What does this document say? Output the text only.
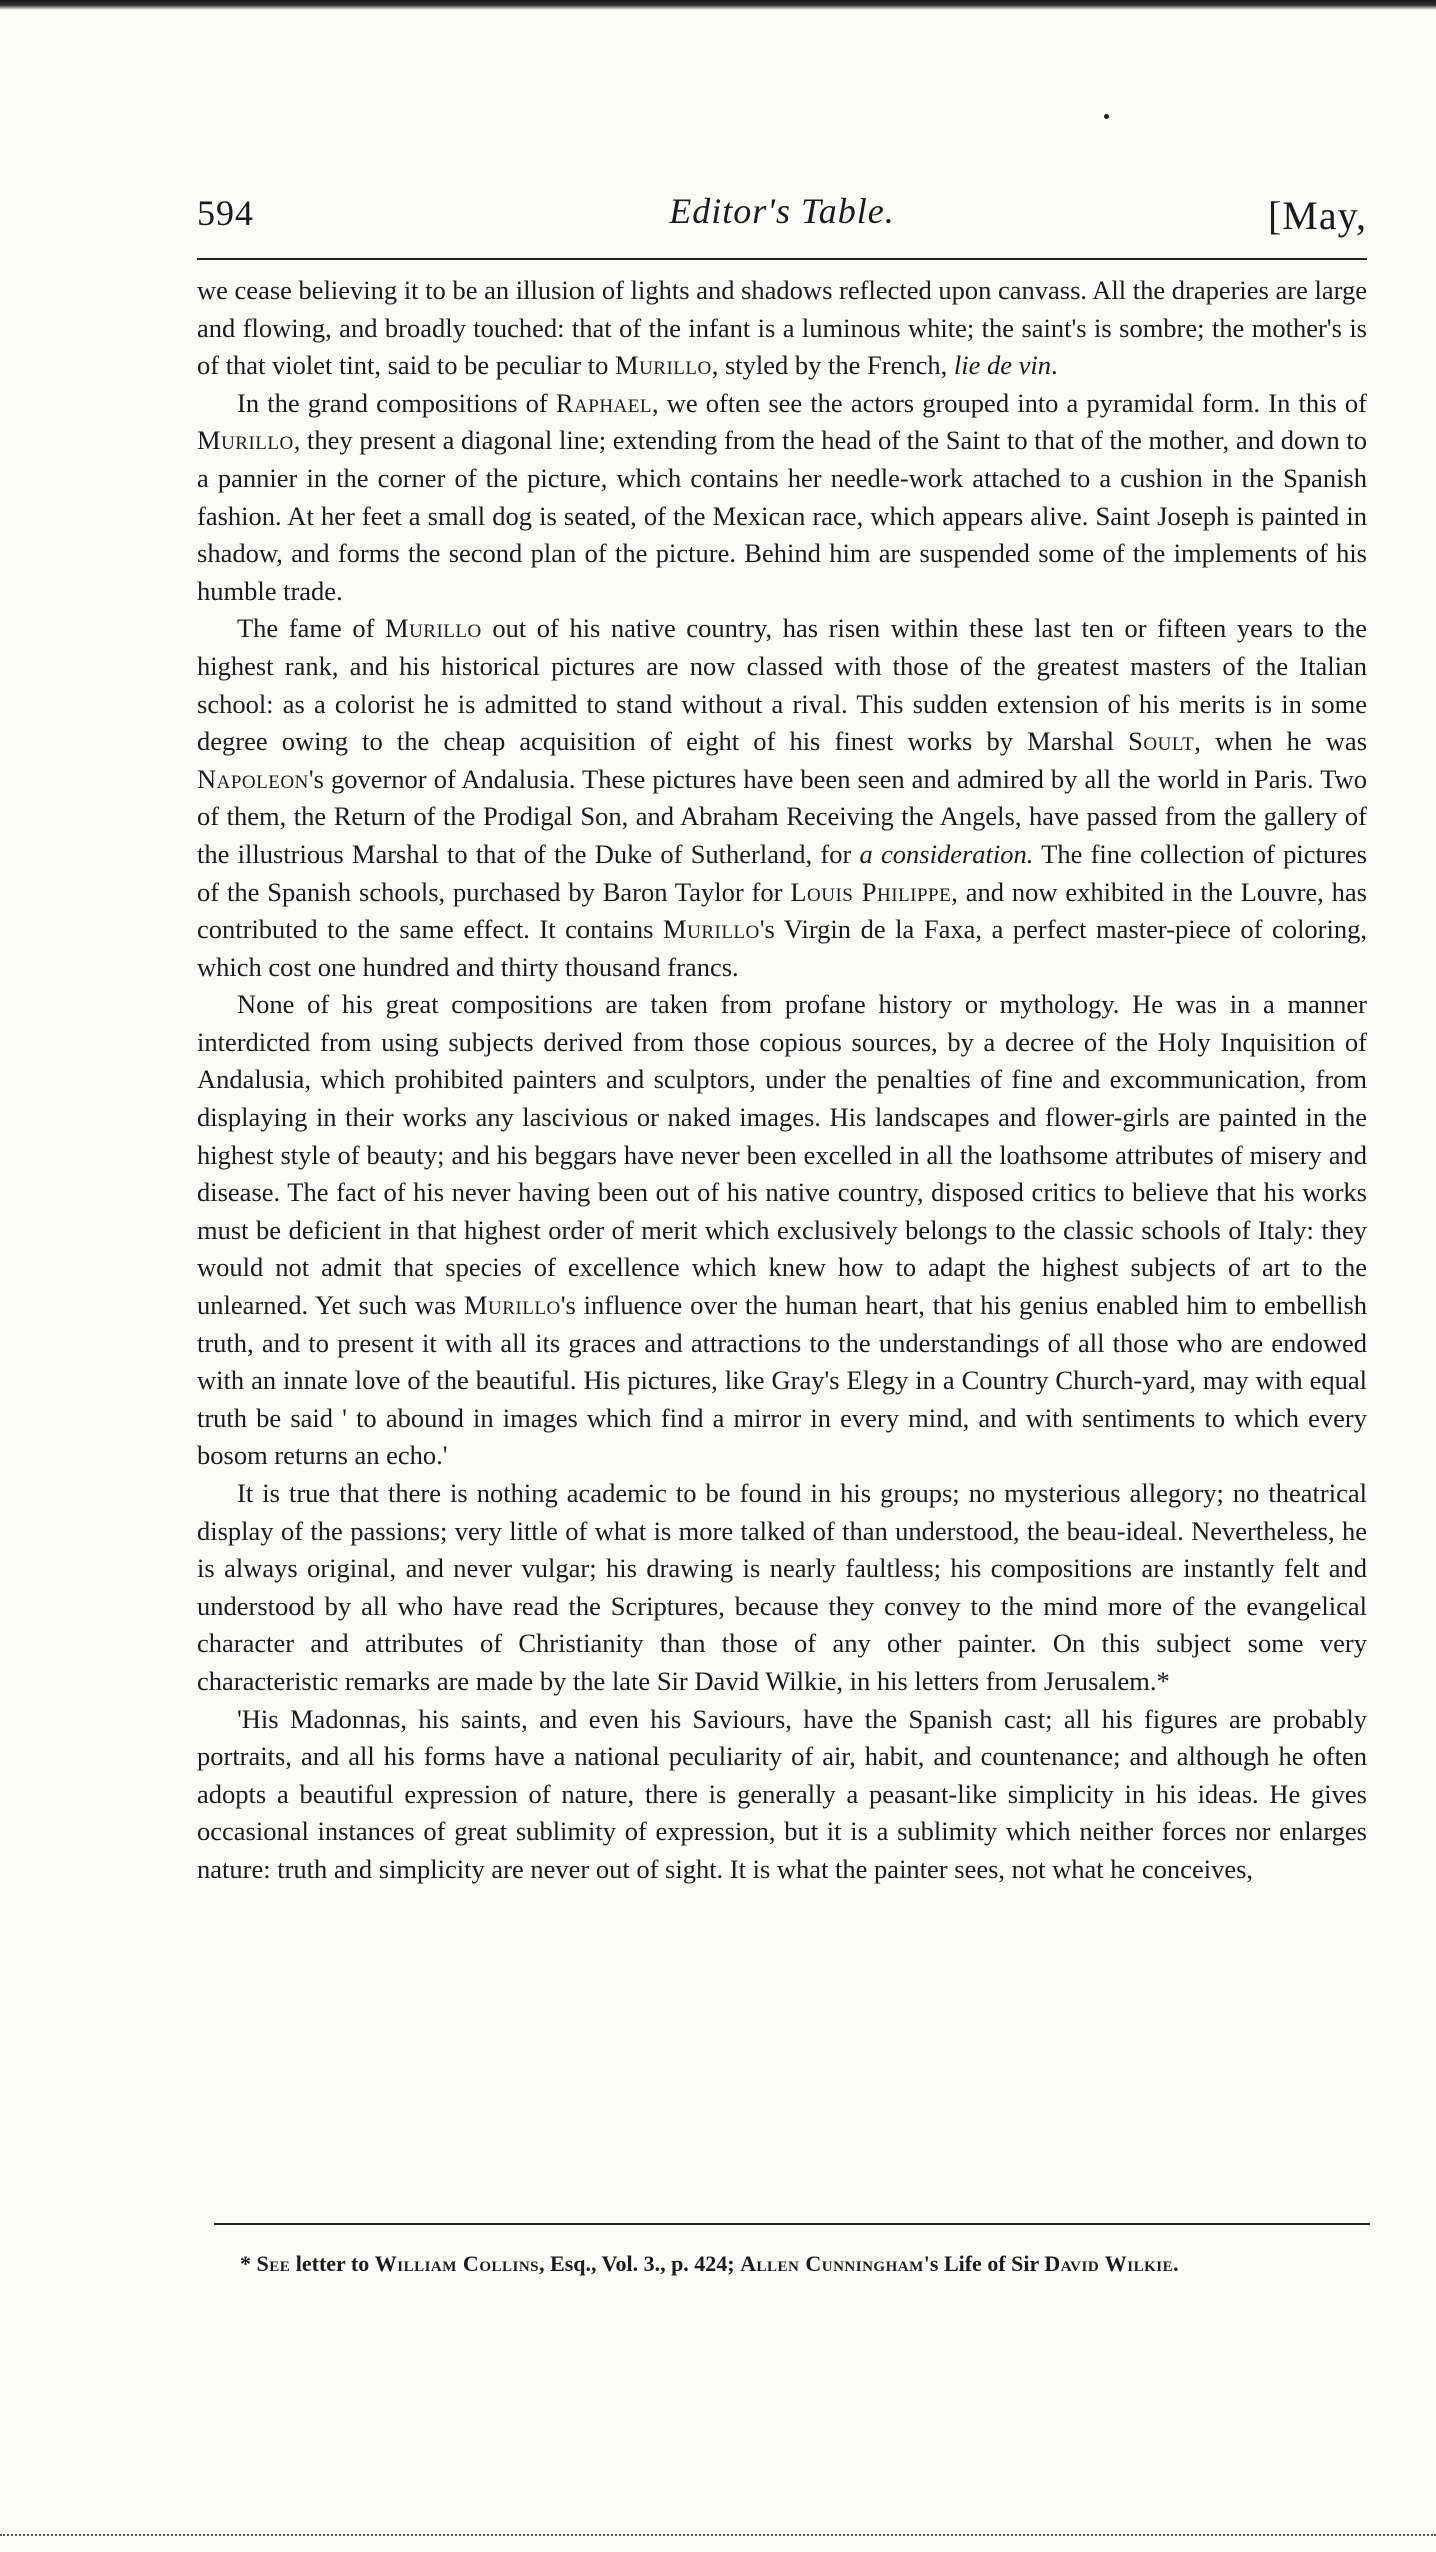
594	Editor's Table.	[May,

we cease believing it to be an illusion of lights and shadows reflected upon canvass. All the draperies are large and flowing, and broadly touched: that of the infant is a luminous white; the saint's is sombre; the mother's is of that violet tint, said to be peculiar to Murillo, styled by the French, lie de vin.

In the grand compositions of Raphael, we often see the actors grouped into a pyramidal form. In this of Murillo, they present a diagonal line; extending from the head of the Saint to that of the mother, and down to a pannier in the corner of the picture, which contains her needle-work attached to a cushion in the Spanish fashion. At her feet a small dog is seated, of the Mexican race, which appears alive. Saint Joseph is painted in shadow, and forms the second plan of the picture. Behind him are suspended some of the implements of his humble trade.

The fame of Murillo out of his native country, has risen within these last ten or fifteen years to the highest rank, and his historical pictures are now classed with those of the greatest masters of the Italian school: as a colorist he is admitted to stand without a rival. This sudden extension of his merits is in some degree owing to the cheap acquisition of eight of his finest works by Marshal Soult, when he was Napoleon's governor of Andalusia. These pictures have been seen and admired by all the world in Paris. Two of them, the Return of the Prodigal Son, and Abraham Receiving the Angels, have passed from the gallery of the illustrious Marshal to that of the Duke of Sutherland, for a consideration. The fine collection of pictures of the Spanish schools, purchased by Baron Taylor for Louis Philippe, and now exhibited in the Louvre, has contributed to the same effect. It contains Murillo's Virgin de la Faxa, a perfect master-piece of coloring, which cost one hundred and thirty thousand francs.

None of his great compositions are taken from profane history or mythology. He was in a manner interdicted from using subjects derived from those copious sources, by a decree of the Holy Inquisition of Andalusia, which prohibited painters and sculptors, under the penalties of fine and excommunication, from displaying in their works any lascivious or naked images. His landscapes and flower-girls are painted in the highest style of beauty; and his beggars have never been excelled in all the loathsome attributes of misery and disease. The fact of his never having been out of his native country, disposed critics to believe that his works must be deficient in that highest order of merit which exclusively belongs to the classic schools of Italy: they would not admit that species of excellence which knew how to adapt the highest subjects of art to the unlearned. Yet such was Murillo's influence over the human heart, that his genius enabled him to embellish truth, and to present it with all its graces and attractions to the understandings of all those who are endowed with an innate love of the beautiful. His pictures, like Gray's Elegy in a Country Church-yard, may with equal truth be said ' to abound in images which find a mirror in every mind, and with sentiments to which every bosom returns an echo.'

It is true that there is nothing academic to be found in his groups; no mysterious allegory; no theatrical display of the passions; very little of what is more talked of than understood, the beau-ideal. Nevertheless, he is always original, and never vulgar; his drawing is nearly faultless; his compositions are instantly felt and understood by all who have read the Scriptures, because they convey to the mind more of the evangelical character and attributes of Christianity than those of any other painter. On this subject some very characteristic remarks are made by the late Sir David Wilkie, in his letters from Jerusalem.*

'His Madonnas, his saints, and even his Saviours, have the Spanish cast; all his figures are probably portraits, and all his forms have a national peculiarity of air, habit, and countenance; and although he often adopts a beautiful expression of nature, there is generally a peasant-like simplicity in his ideas. He gives occasional instances of great sublimity of expression, but it is a sublimity which neither forces nor enlarges nature: truth and simplicity are never out of sight. It is what the painter sees, not what he conceives,

* See letter to William Collins, Esq., Vol. 3., p. 424; Allen Cunningham's Life of Sir David Wilkie.
